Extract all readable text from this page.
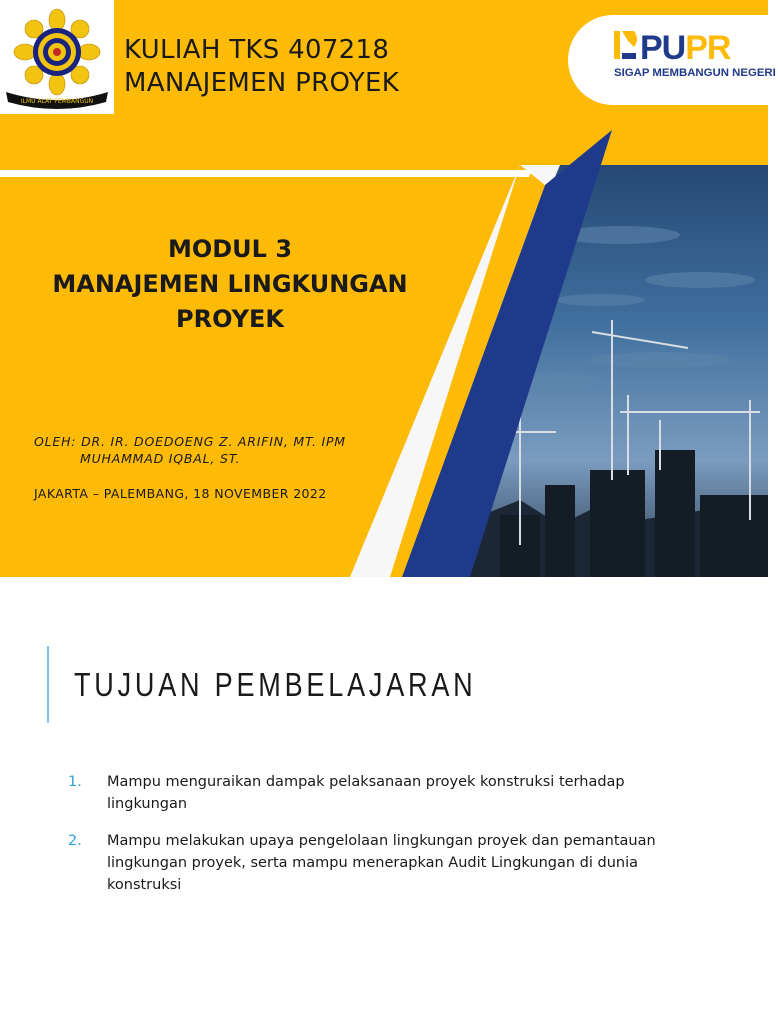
ILMU ALAT PEMBANGUN
KULIAH TKS 407218
MANAJEMEN PROYEK
PUPR
SIGAP MEMBANGUN NEGERI
MODUL 3
MANAJEMEN LINGKUNGAN
PROYEK
OLEH: DR. IR. DOEDOENG Z. ARIFIN, MT. IPM
MUHAMMAD IQBAL, ST.
JAKARTA – PALEMBANG, 18 NOVEMBER 2022
TUJUAN PEMBELAJARAN
1. Mampu menguraikan dampak pelaksanaan proyek konstruksi terhadap lingkungan
2. Mampu melakukan upaya pengelolaan lingkungan proyek dan pemantauan lingkungan proyek, serta mampu menerapkan Audit Lingkungan di dunia konstruksi
